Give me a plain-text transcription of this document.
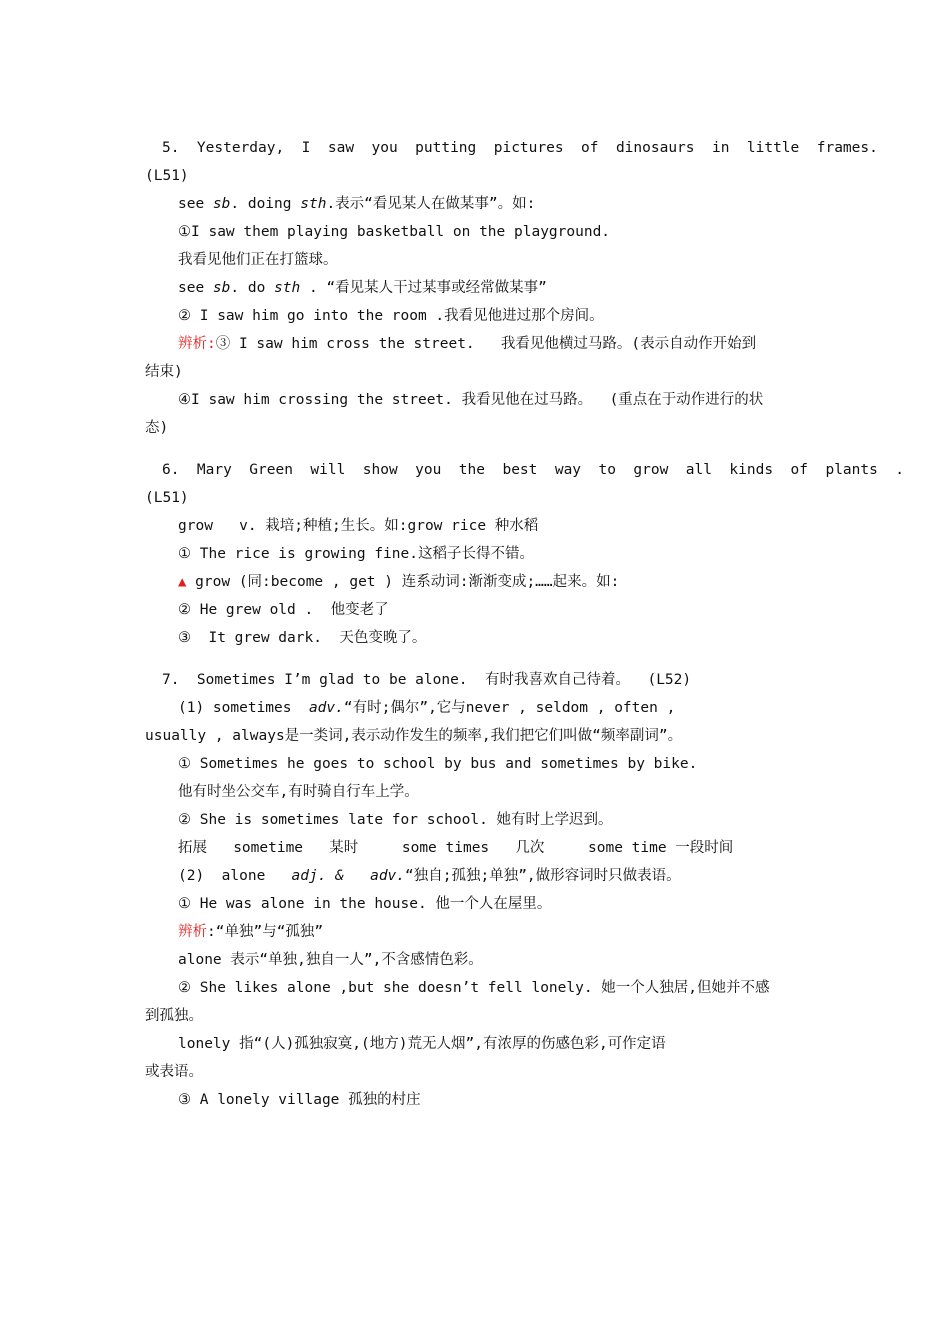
5.  Yesterday,  I  saw  you  putting  pictures  of  dinosaurs  in  little  frames.
(L51)
see sb. doing sth.表示“看见某人在做某事”。如:
①I saw them playing basketball on the playground.
我看见他们正在打篮球。
see sb. do sth . “看见某人干过某事或经常做某事”
② I saw him go into the room .我看见他进过那个房间。
辨析:③ I saw him cross the street.   我看见他横过马路。(表示自动作开始到
结束)
④I saw him crossing the street. 我看见他在过马路。  (重点在于动作进行的状
态)
6.  Mary  Green  will  show  you  the  best  way  to  grow  all  kinds  of  plants  .
(L51)
grow   v. 栽培;种植;生长。如:grow rice 种水稻
① The rice is growing fine.这稻子长得不错。
▲ grow (同:become , get ) 连系动词:渐渐变成;……起来。如:
② He grew old .  他变老了
③  It grew dark.  天色变晚了。
7.  Sometimes I’m glad to be alone.  有时我喜欢自己待着。  (L52)
(1) sometimes  adv.“有时;偶尔”,它与never , seldom , often ,
usually , always是一类词,表示动作发生的频率,我们把它们叫做“频率副词”。
① Sometimes he goes to school by bus and sometimes by bike.
他有时坐公交车,有时骑自行车上学。
② She is sometimes late for school. 她有时上学迟到。
拓展   sometime   某时     some times   几次     some time 一段时间
(2)  alone   adj. & adv.“独自;孤独;单独”,做形容词时只做表语。
① He was alone in the house. 他一个人在屋里。
辨析:“单独”与“孤独”
alone 表示“单独,独自一人”,不含感情色彩。
② She likes alone ,but she doesn’t fell lonely. 她一个人独居,但她并不感
到孤独。
lonely 指“(人)孤独寂寞,(地方)荒无人烟”,有浓厚的伤感色彩,可作定语
或表语。
③ A lonely village 孤独的村庄
